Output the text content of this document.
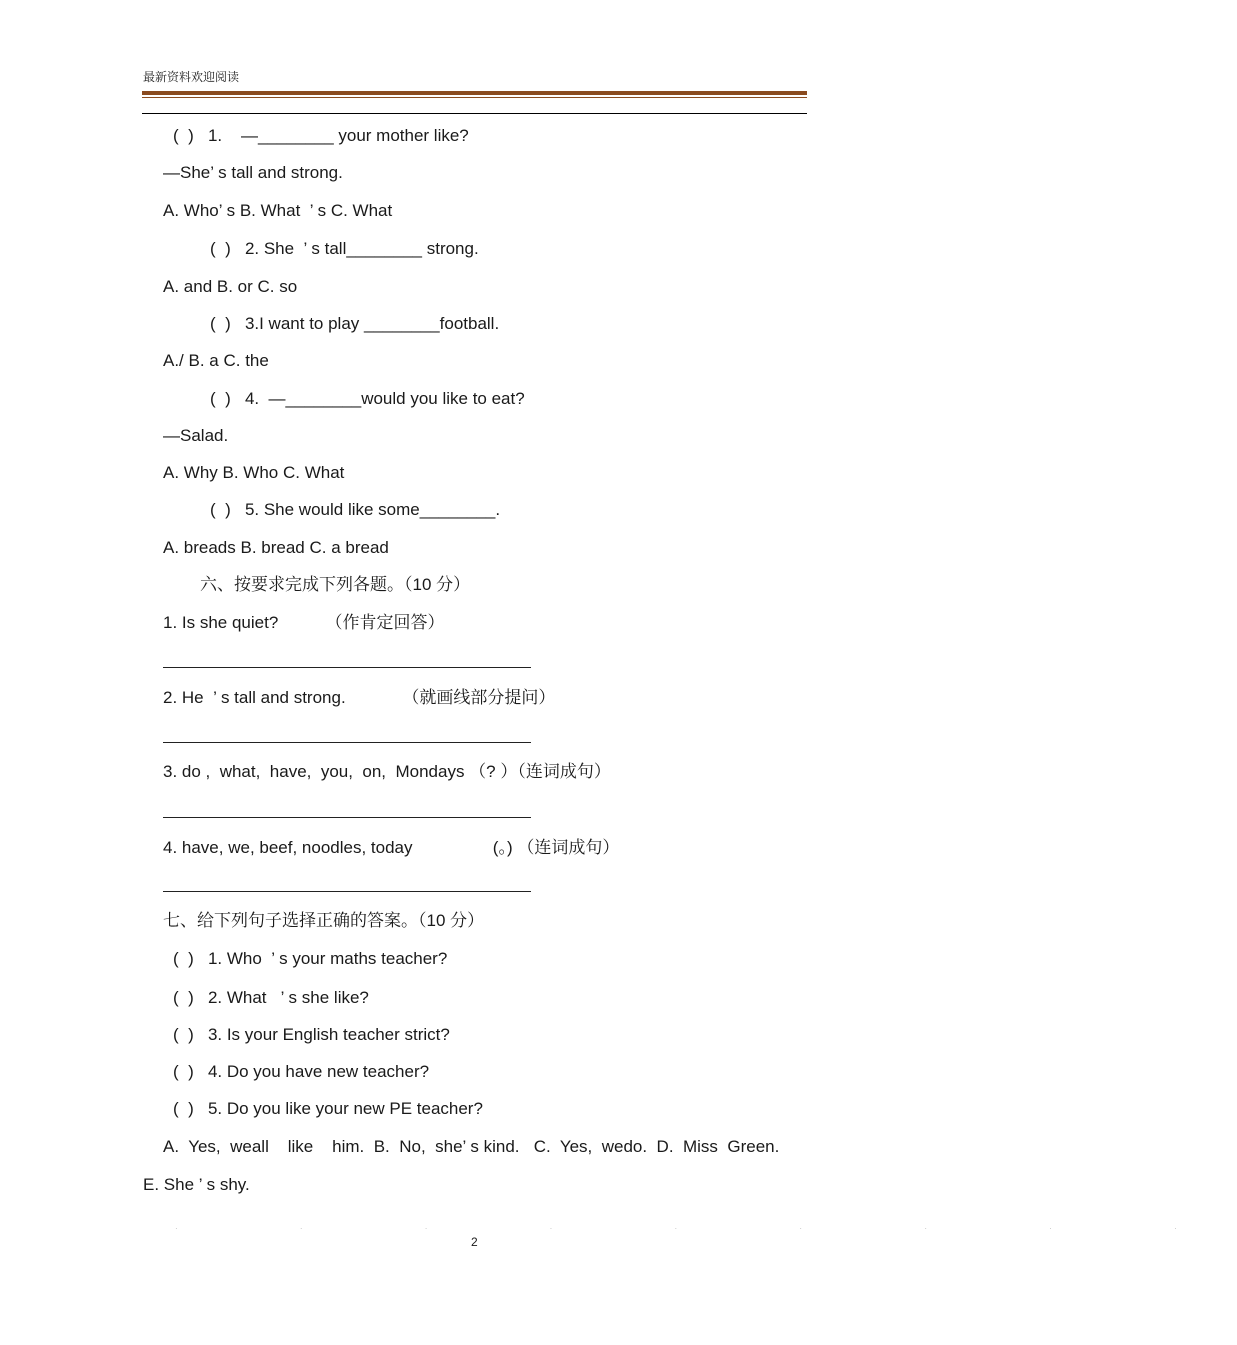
最新资料欢迎阅读
(  )   1.    —________ your mother like?
—She’ s tall and strong.
A. Who’ s B. What  ’ s C. What
(  )   2. She  ’ s tall________ strong.
A. and B. or C. so
(  )   3.I want to play ________football.
A./ B. a C. the
(  )   4.  —________would you like to eat?
—Salad.
A. Why B. Who C. What
(  )   5. She would like some________.
A. breads B. bread C. a bread
六、按要求完成下列各题。（10 分）
1. Is she quiet?          （作肯定回答）
2. He  ’ s tall and strong.            （就画线部分提问）
3. do ,  what,  have,  you,  on,  Mondays （? ）（连词成句）
4. have, we, beef, noodles, today                 (。) （连词成句）
七、给下列句子选择正确的答案。（10 分）
(  )   1. Who  ’ s your maths teacher?
(  )   2. What   ’ s she like?
(  )   3. Is your English teacher strict?
(  )   4. Do you have new teacher?
(  )   5. Do you like your new PE teacher?
A.  Yes,  weall    like    him.  B.  No,  she’ s kind.   C.  Yes,  wedo.  D.  Miss  Green.
E. She ’ s shy.
· · · · · · · · ·
2
